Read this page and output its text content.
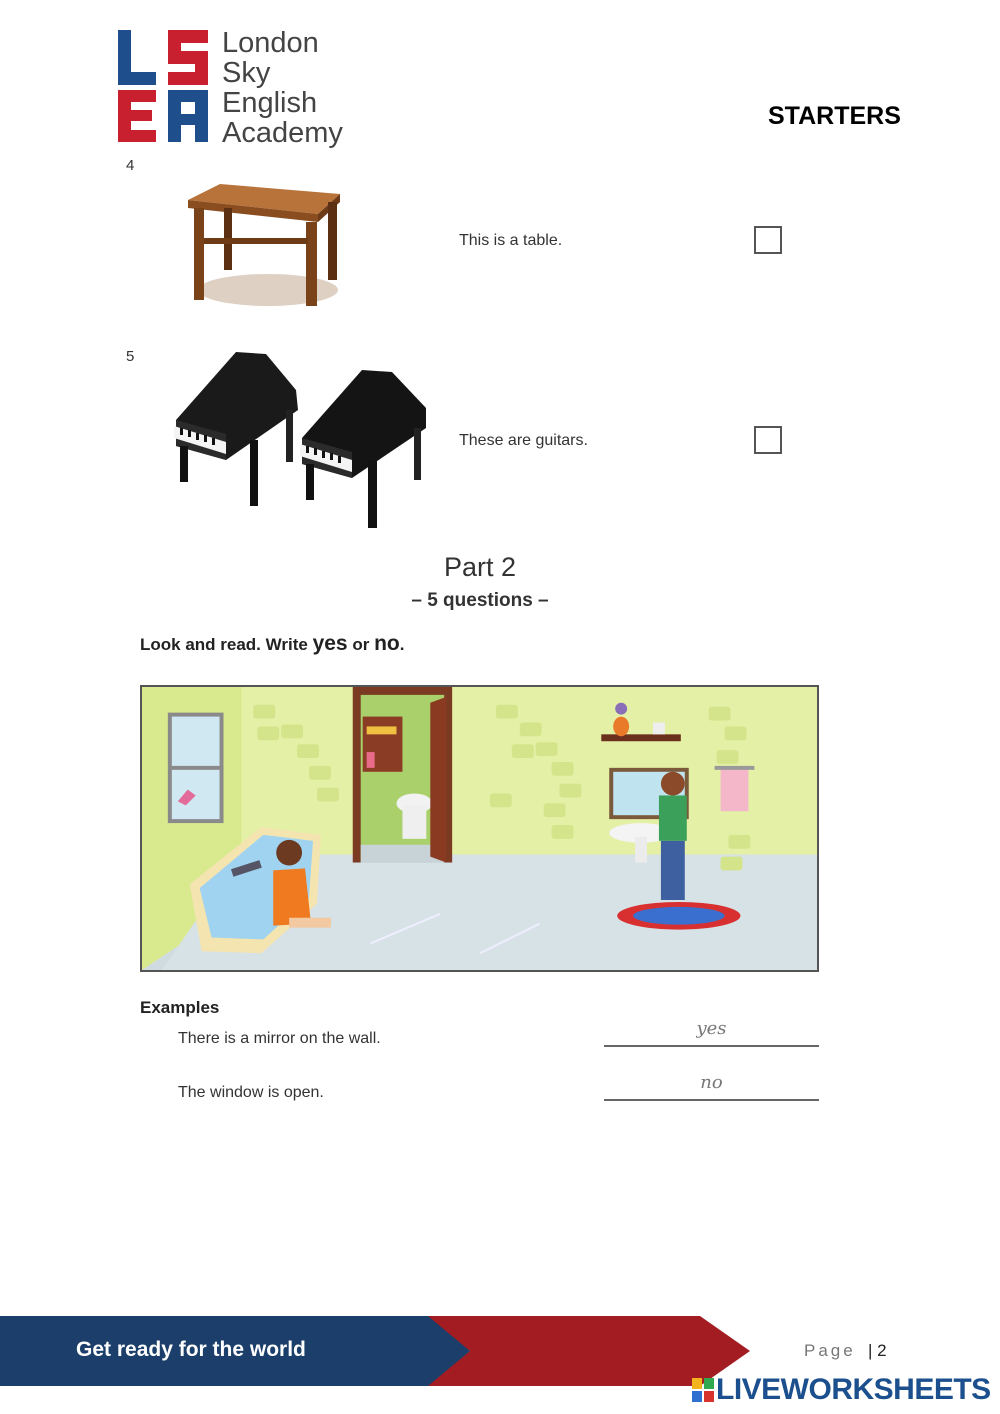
London
Sky
English
Academy
STARTERS
4
This is a table.
5
These are guitars.
Part 2
– 5 questions –
Look and read. Write yes or no.
Examples
There is a mirror on the wall.	yes
The window is open.	no
Get ready for the world	Page | 2
LIVEWORKSHEETS
